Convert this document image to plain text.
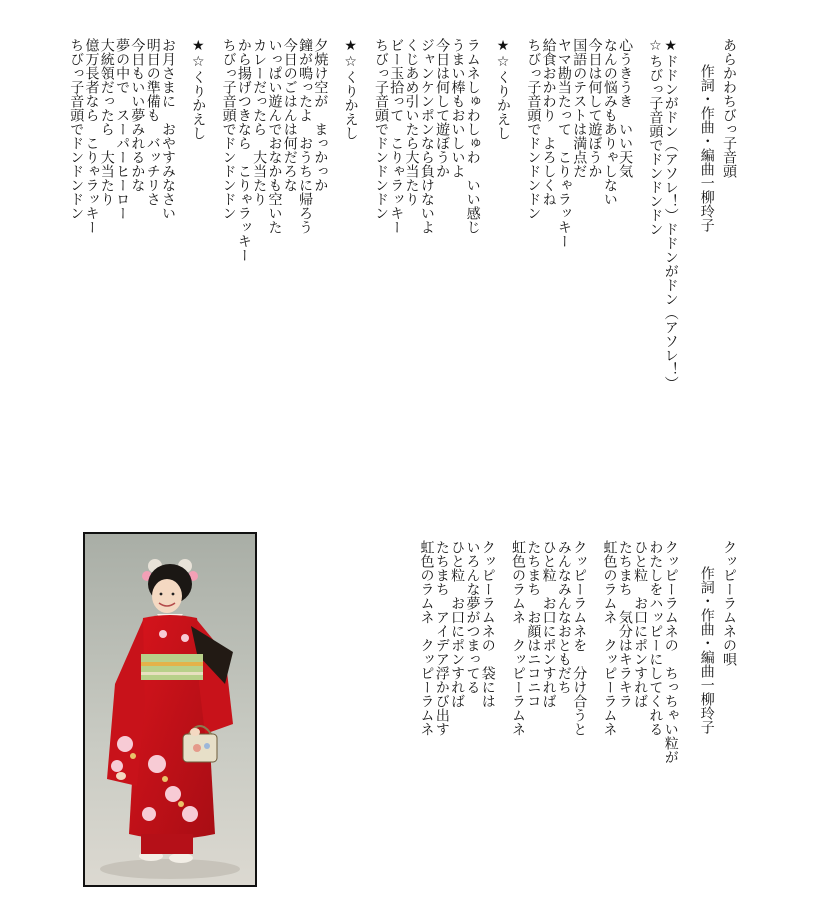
あらかわちびっ子音頭
作詞・作曲・編曲一柳玲子
★ドドンがドン（アソレ！）ドドンがドン（アソレ！）
☆ちびっ子音頭でドンドンドン
心うきうき　いい天気
なんの悩みもありゃしない
今日は何して遊ぼうか
国語のテストは満点だ
ヤマ勘当たって　こりゃラッキー
給食おかわり　よろしくね
ちびっ子音頭でドンドンドン
★☆くりかえし
ラムネしゅわしゅわ　いい感じ
うまい棒もおいしいよ
今日は何して遊ぼうか
ジャンケンポンなら負けないよ
くじあめ引いたら大当たり
ビー玉拾って　こりゃラッキー
ちびっ子音頭でドンドンドン
★☆くりかえし
夕焼け空が　まっかっか
鐘が鳴ったよ　おうちに帰ろう
今日のごはんは何だろな
いっぱい遊んでおなかも空いた
カレーだったら　大当たり
から揚げつきなら　こりゃラッキー
ちびっ子音頭でドンドンドン
★☆くりかえし
お月さまに　おやすみなさい
明日の準備も　バッチリさ
今日もいい夢みれるかな
夢の中で　スーパーヒーロー
大統領だったら　大当たり
億万長者なら　こりゃラッキー
ちびっ子音頭でドンドンドン
クッピーラムネの唄
作詞・作曲・編曲一柳玲子
クッピーラムネの　ちっちゃい粒が
わたしをハッピーにしてくれる
ひと粒　お口にポンすれば
たちまち　気分はキラキラ
虹色のラムネ　クッピーラムネ
クッピーラムネを　分け合うと
みんなみんなおともだち
ひと粒　お口にポンすれば
たちまち　お顔はニコニコ
虹色のラムネ　クッピーラムネ
クッピーラムネの　袋には
いろんな夢がつまってる
ひと粒　お口にポンすれば
たちまち　アイデア浮かび出す
虹色のラムネ　クッピーラムネ
